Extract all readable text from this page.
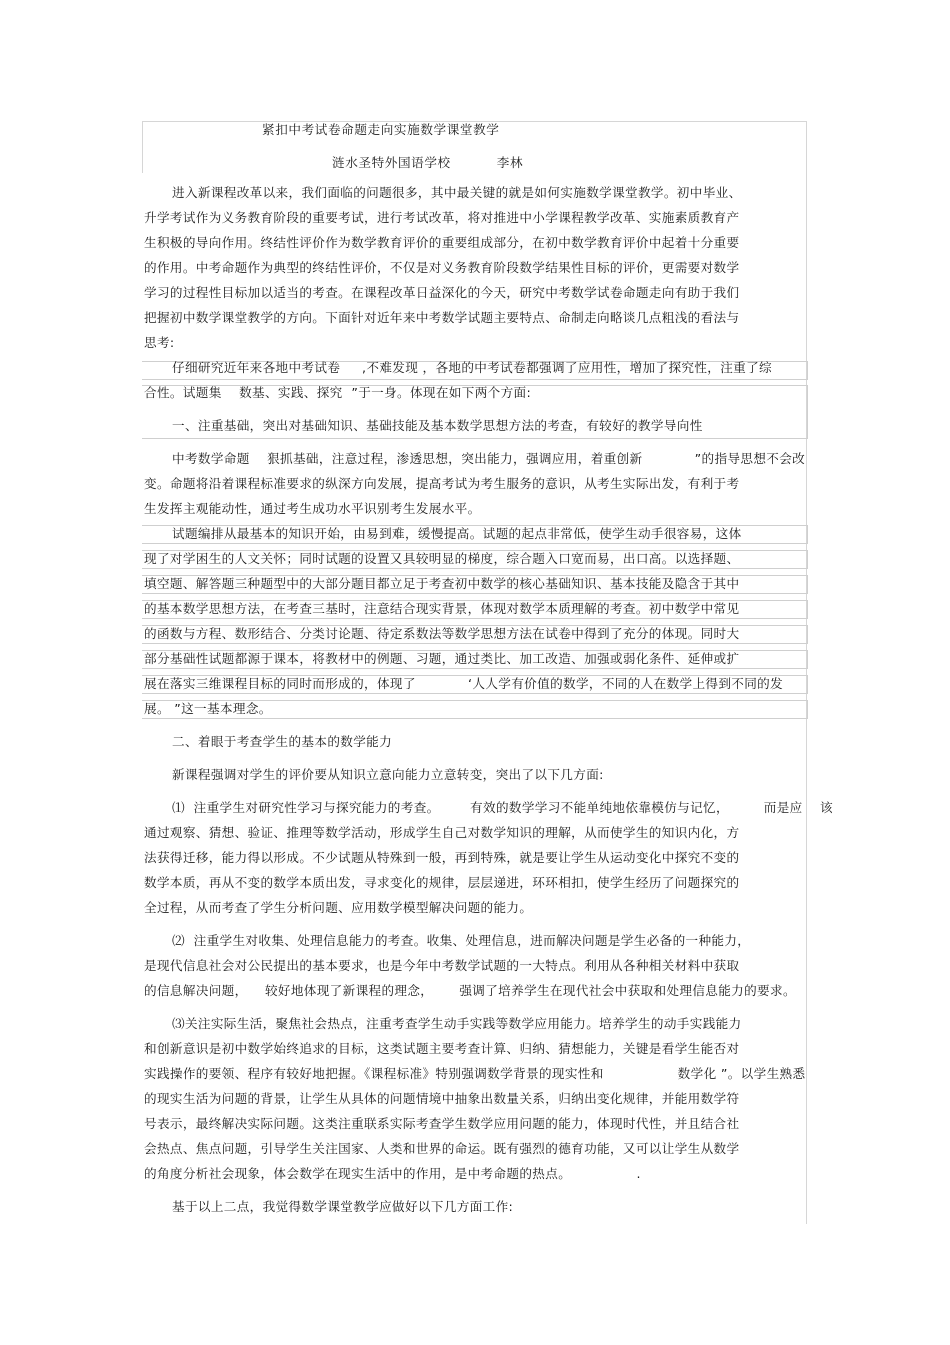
紧扣中考试卷命题走向实施数学课堂教学
涟水圣特外国语学校          李林
进入新课程改革以来，我们面临的问题很多，其中最关键的就是如何实施数学课堂教学。初中毕业、
升学考试作为义务教育阶段的重要考试，进行考试改革，将对推进中小学课程教学改革、实施素质教育产
生积极的导向作用。终结性评价作为数学教育评价的重要组成部分，在初中数学教育评价中起着十分重要
的作用。中考命题作为典型的终结性评价，不仅是对义务教育阶段数学结果性目标的评价，更需要对数学
学习的过程性目标加以适当的考查。在课程改革日益深化的今天，研究中考数学试卷命题走向有助于我们
把握初中数学课堂教学的方向。下面针对近年来中考数学试题主要特点、命制走向略谈几点粗浅的看法与
思考:
仔细研究近年来各地中考试卷     ,不难发现 ，各地的中考试卷都强调了应用性，增加了探究性，注重了综
合性。试题集    数基、实践、探究  ”于一身。体现在如下两个方面:
一、注重基础，突出对基础知识、基础技能及基本数学思想方法的考查，有较好的教学导向性
中考数学命题    狠抓基础，注意过程，渗透思想，突出能力，强调应用，着重创新            ”的指导思想不会改
变。命题将沿着课程标准要求的纵深方向发展，提高考试为考生服务的意识，从考生实际出发，有利于考
生发挥主观能动性，通过考生成功水平识别考生发展水平。
试题编排从最基本的知识开始，由易到难，缓慢提高。试题的起点非常低，使学生动手很容易，这体
现了对学困生的人文关怀；同时试题的设置又具较明显的梯度，综合题入口宽而易，出口高。以选择题、
填空题、解答题三种题型中的大部分题目都立足于考查初中数学的核心基础知识、基本技能及隐含于其中
的基本数学思想方法，在考查三基时，注意结合现实背景，体现对数学本质理解的考查。初中数学中常见
的函数与方程、数形结合、分类讨论题、待定系数法等数学思想方法在试卷中得到了充分的体现。同时大
部分基础性试题都源于课本，将教材中的例题、习题，通过类比、加工改造、加强或弱化条件、延伸或扩
展在落实三维课程目标的同时而形成的，体现了            ‘人人学有价值的数学，不同的人在数学上得到不同的发
展。 ”这一基本理念。
二、着眼于考查学生的基本的数学能力
新课程强调对学生的评价要从知识立意向能力立意转变，突出了以下几方面:
⑴  注重学生对研究性学习与探究能力的考查。       有效的数学学习不能单纯地依靠模仿与记忆，        而是应    该
通过观察、猜想、验证、推理等数学活动，形成学生自己对数学知识的理解，从而使学生的知识内化，方
法获得迁移，能力得以形成。不少试题从特殊到一般，再到特殊，就是要让学生从运动变化中探究不变的
数学本质，再从不变的数学本质出发，寻求变化的规律，层层递进，环环相扣，使学生经历了问题探究的
全过程，从而考查了学生分析问题、应用数学模型解决问题的能力。
⑵  注重学生对收集、处理信息能力的考查。收集、处理信息，进而解决问题是学生必备的一种能力，
是现代信息社会对公民提出的基本要求，也是今年中考数学试题的一大特点。利用从各种相关材料中获取
的信息解决问题，    较好地体现了新课程的理念，      强调了培养学生在现代社会中获取和处理信息能力的要求。
⑶关注实际生活，聚焦社会热点，注重考查学生动手实践等数学应用能力。培养学生的动手实践能力
和创新意识是初中数学始终追求的目标，这类试题主要考查计算、归纳、猜想能力，关键是看学生能否对
实践操作的要领、程序有较好地把握。《课程标准》特别强调数学背景的现实性和                 数学化 ”。以学生熟悉
的现实生活为问题的背景，让学生从具体的问题情境中抽象出数量关系，归纳出变化规律，并能用数学符
号表示，最终解决实际问题。这类注重联系实际考查学生数学应用问题的能力，体现时代性，并且结合社
会热点、焦点问题，引导学生关注国家、人类和世界的命运。既有强烈的德育功能，又可以让学生从数学
的角度分析社会现象，体会数学在现实生活中的作用，是中考命题的热点。               .
基于以上二点，我觉得数学课堂教学应做好以下几方面工作:
